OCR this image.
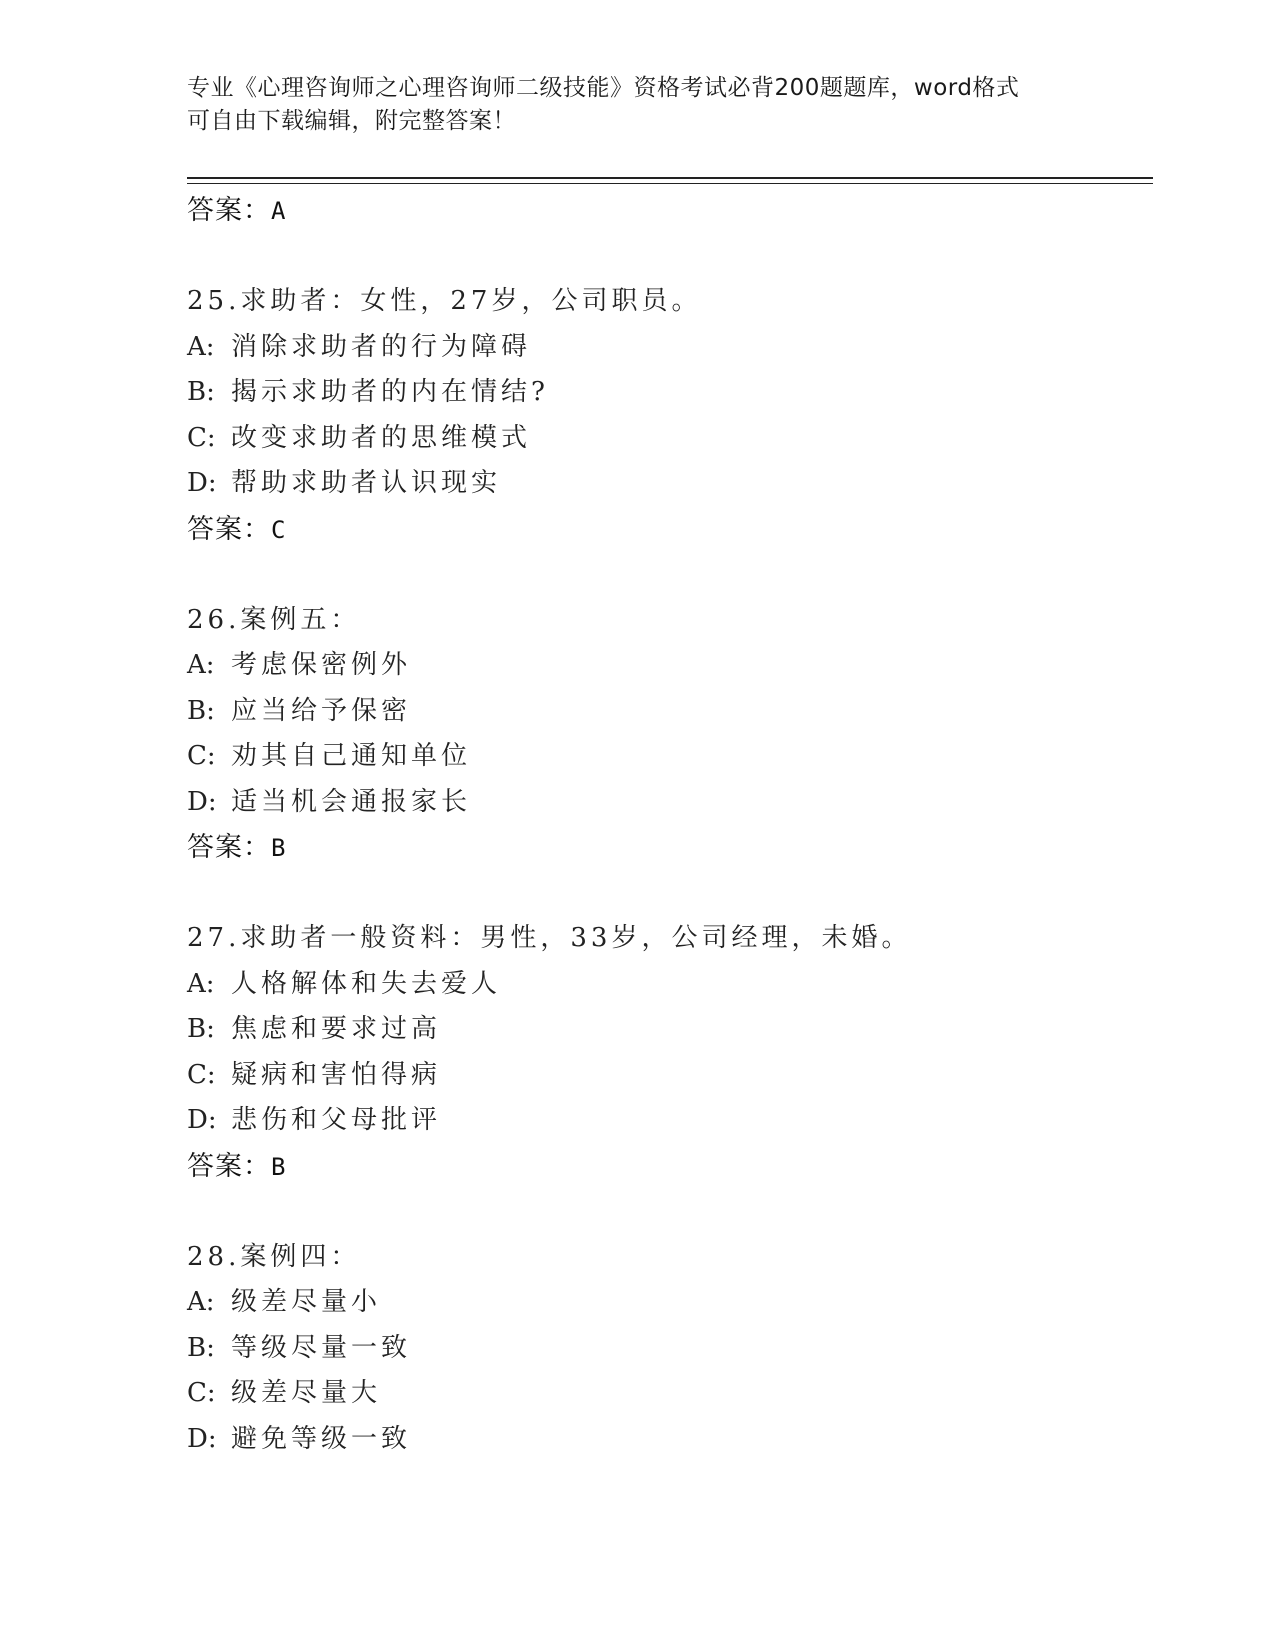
专业《心理咨询师之心理咨询师二级技能》资格考试必背200题题库，word格式
可自由下载编辑，附完整答案！
答案：A
25.求助者：女性，27岁，公司职员。
A: 消除求助者的行为障碍
B: 揭示求助者的内在情结?
C: 改变求助者的思维模式
D: 帮助求助者认识现实
答案：C
26.案例五：
A: 考虑保密例外
B: 应当给予保密
C: 劝其自己通知单位
D: 适当机会通报家长
答案：B
27.求助者一般资料：男性，33岁，公司经理，未婚。
A: 人格解体和失去爱人
B: 焦虑和要求过高
C: 疑病和害怕得病
D: 悲伤和父母批评
答案：B
28.案例四：
A: 级差尽量小
B: 等级尽量一致
C: 级差尽量大
D: 避免等级一致
